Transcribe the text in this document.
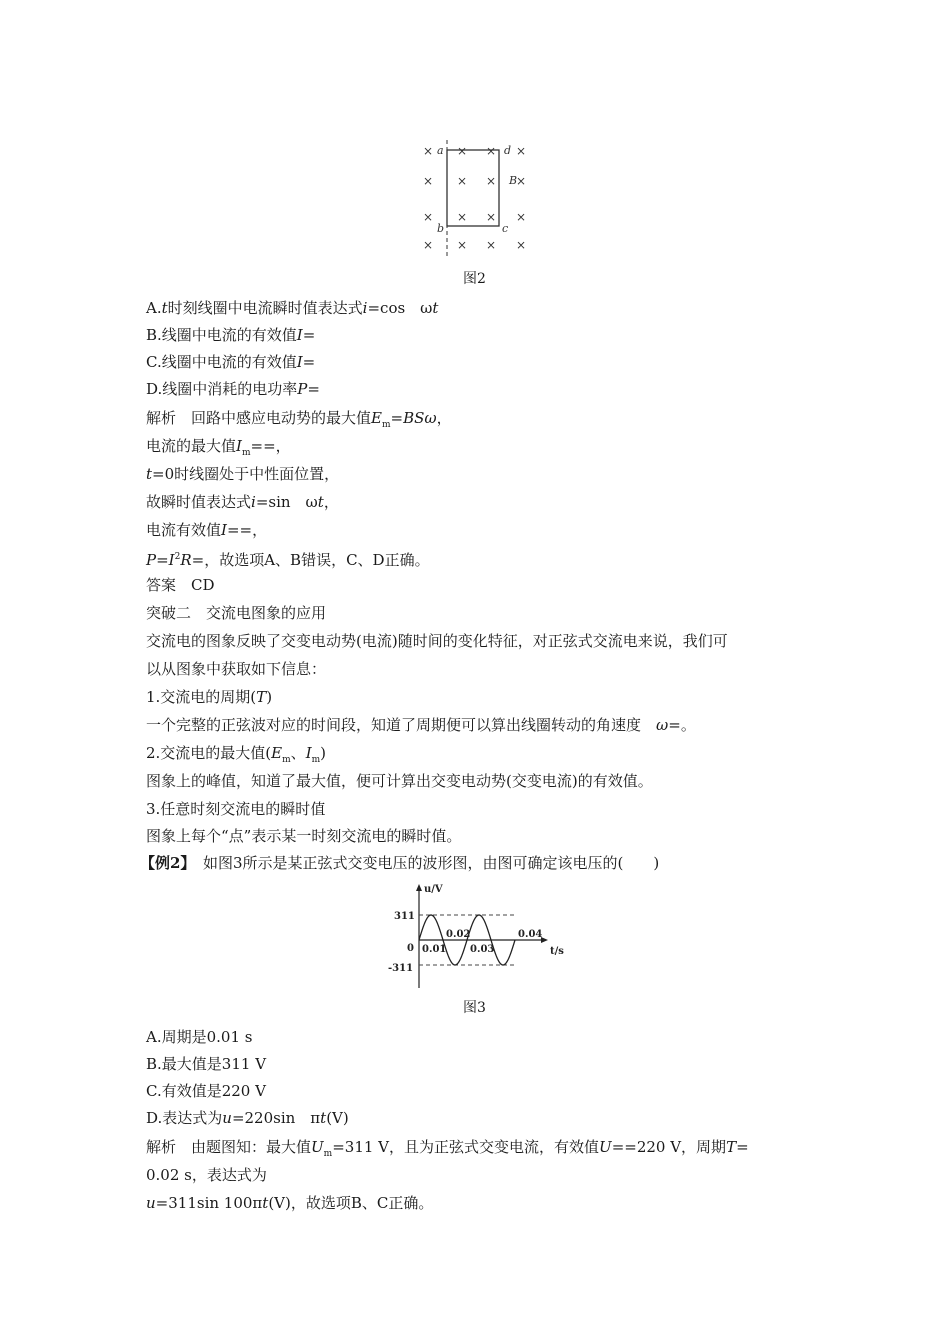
× × × ×
× × × ×
× × × ×
× × × ×
a	d
b	c
B
图2
A.t时刻线圈中电流瞬时值表达式i=cos　ωt
B.线圈中电流的有效值I=
C.线圈中电流的有效值I=
D.线圈中消耗的电功率P=
解析　回路中感应电动势的最大值$E_m=BS\omega$，
电流的最大值$I_m==$，
t=0时线圈处于中性面位置，
故瞬时值表达式i=sin　ωt，
电流有效值I==，
$P=I^2R=$，故选项A、B错误，C、D正确。
答案　CD
突破二　交流电图象的应用
交流电的图象反映了交变电动势(电流)随时间的变化特征，对正弦式交流电来说，我们可
以从图象中获取如下信息：
1.交流电的周期(T)
一个完整的正弦波对应的时间段，知道了周期便可以算出线圈转动的角速度　 ω=。
2.交流电的最大值($E_m$、$I_m$)
图象上的峰值，知道了最大值，便可计算出交变电动势(交变电流)的有效值。
3.任意时刻交流电的瞬时值
图象上每个“点”表示某一时刻交流电的瞬时值。
【例2】　如图3所示是某正弦式交变电压的波形图，由图可确定该电压的(　　)
u/V
t/s
311
0
-311
0.01
0.02
0.03
0.04
图3
A.周期是0.01 s
B.最大值是311 V
C.有效值是220 V
D.表达式为u=220sin　πt(V)
解析　由题图知：最大值$U_m=311$ V，且为正弦式交变电流，有效值U==220 V，周期T=
0.02 s，表达式为
u=311sin 100πt(V)，故选项B、C正确。
